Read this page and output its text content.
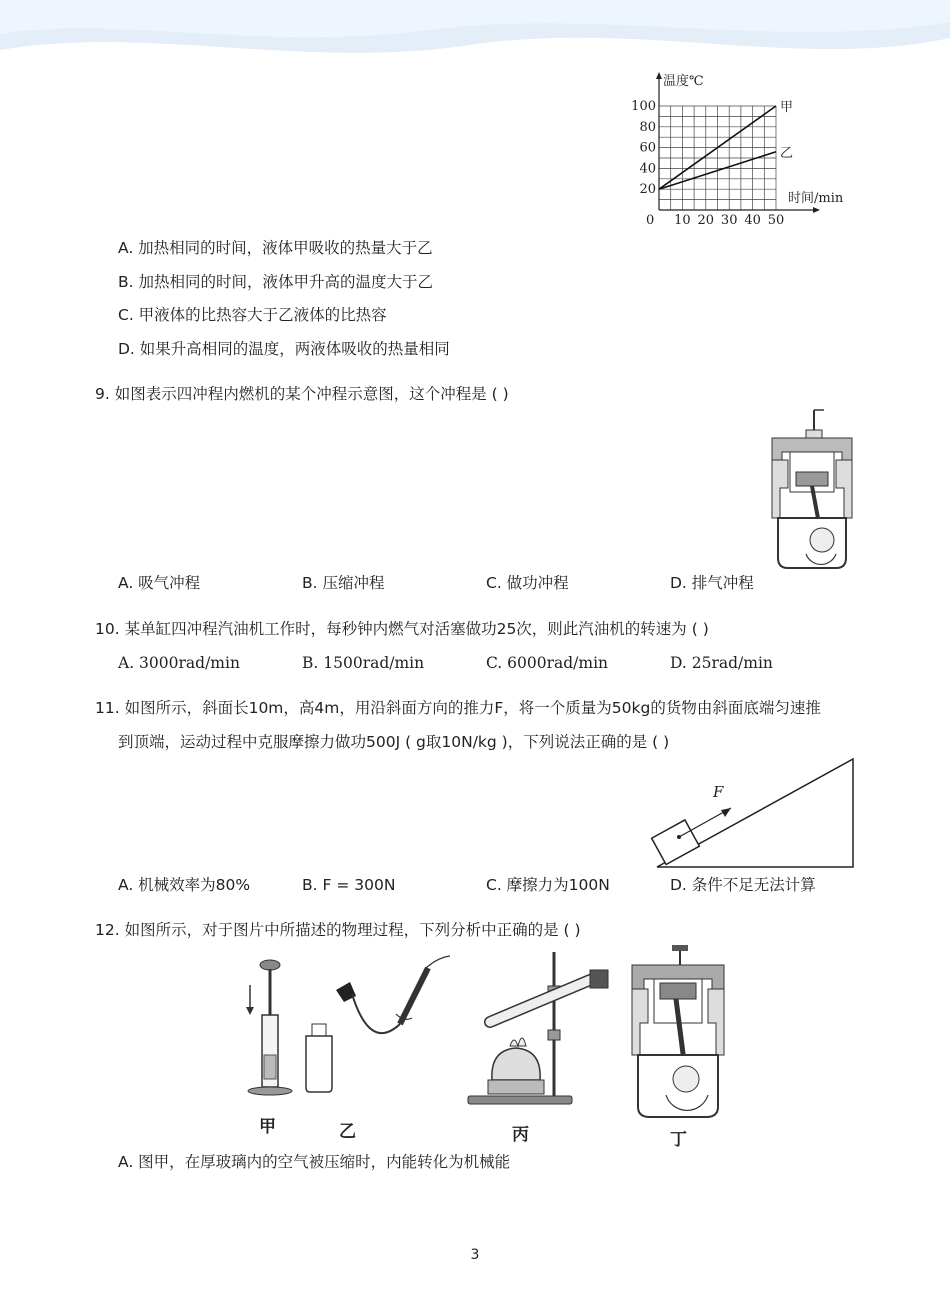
温度℃
时间/min
甲
乙
0 10 20 30 40 50
20
40
60
80
100
A. 加热相同的时间，液体甲吸收的热量大于乙
B. 加热相同的时间，液体甲升高的温度大于乙
C. 甲液体的比热容大于乙液体的比热容
D. 如果升高相同的温度，两液体吸收的热量相同
9. 如图表示四冲程内燃机的某个冲程示意图，这个冲程是 ( )
A. 吸气冲程	B. 压缩冲程	C. 做功冲程	D. 排气冲程
10. 某单缸四冲程汽油机工作时，每秒钟内燃气对活塞做功25次，则此汽油机的转速为 ( )
A. 3000rad/min	B. 1500rad/min	C. 6000rad/min	D. 25rad/min
11. 如图所示，斜面长10m，高4m，用沿斜面方向的推力F，将一个质量为50kg的货物由斜面底端匀速推
到顶端，运动过程中克服摩擦力做功500J ( g取10N/kg )，下列说法正确的是 ( )
F
A. 机械效率为80%	B. F = 300N	C. 摩擦力为100N	D. 条件不足无法计算
12. 如图所示，对于图片中所描述的物理过程，下列分析中正确的是 ( )
甲	乙	丙	丁
A. 图甲，在厚玻璃内的空气被压缩时，内能转化为机械能
3
